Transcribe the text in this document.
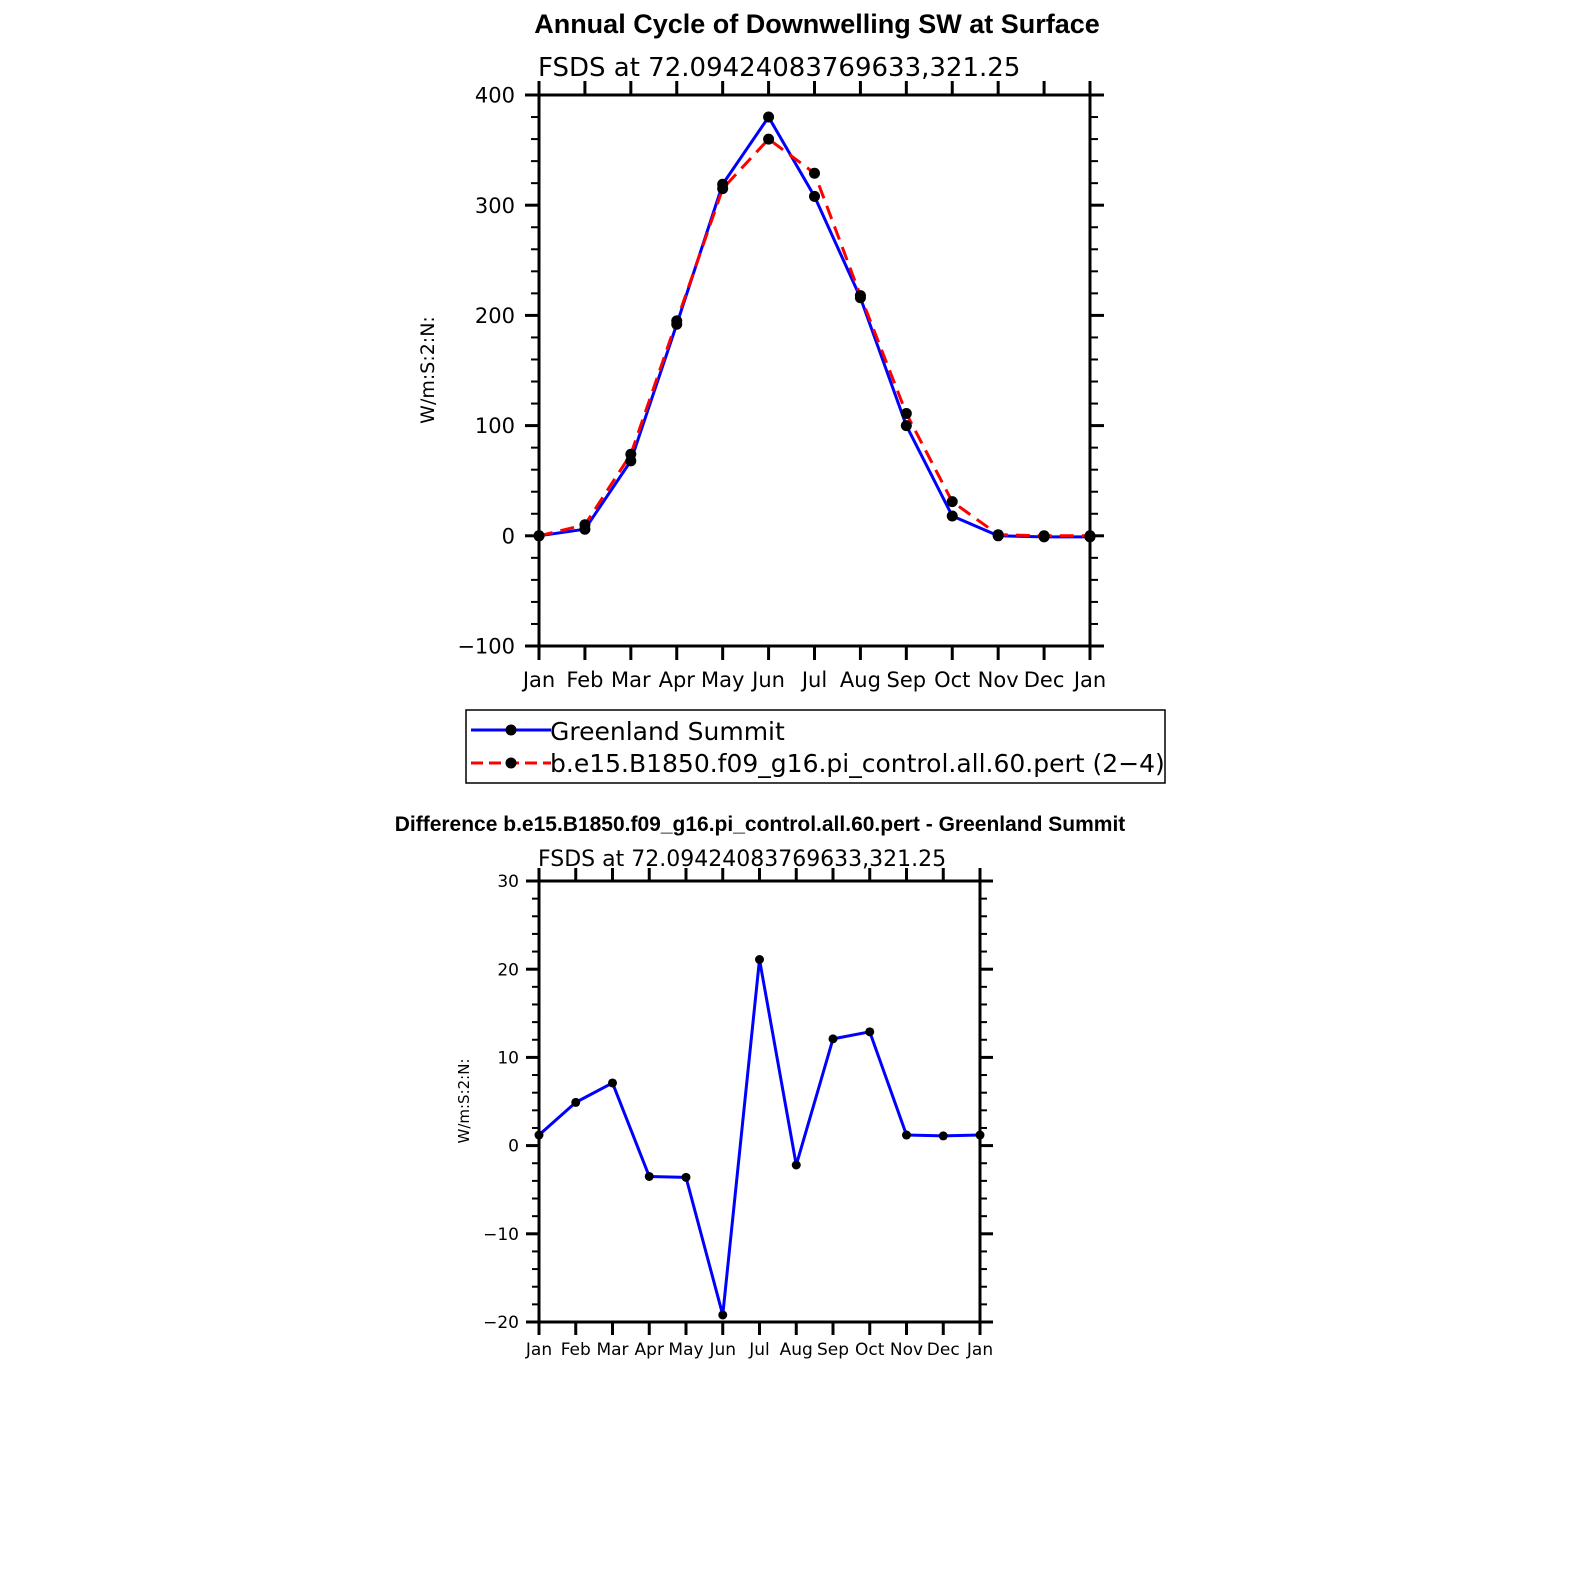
Annual Cycle of Downwelling SW at Surface
FSDS at 72.09424083769633,321.25
W/m:S:2:N:
Jan Feb Mar Apr May Jun Jul Aug Sep Oct Nov Dec Jan
−100
0
100
200
300
400
Greenland Summit
b.e15.B1850.f09_g16.pi_control.all.60.pert (2−4)
Difference b.e15.B1850.f09_g16.pi_control.all.60.pert - Greenland Summit
FSDS at 72.09424083769633,321.25
W/m:S:2:N:
Jan Feb Mar Apr May Jun Jul Aug Sep Oct Nov Dec Jan
−20
−10
0
10
20
30
